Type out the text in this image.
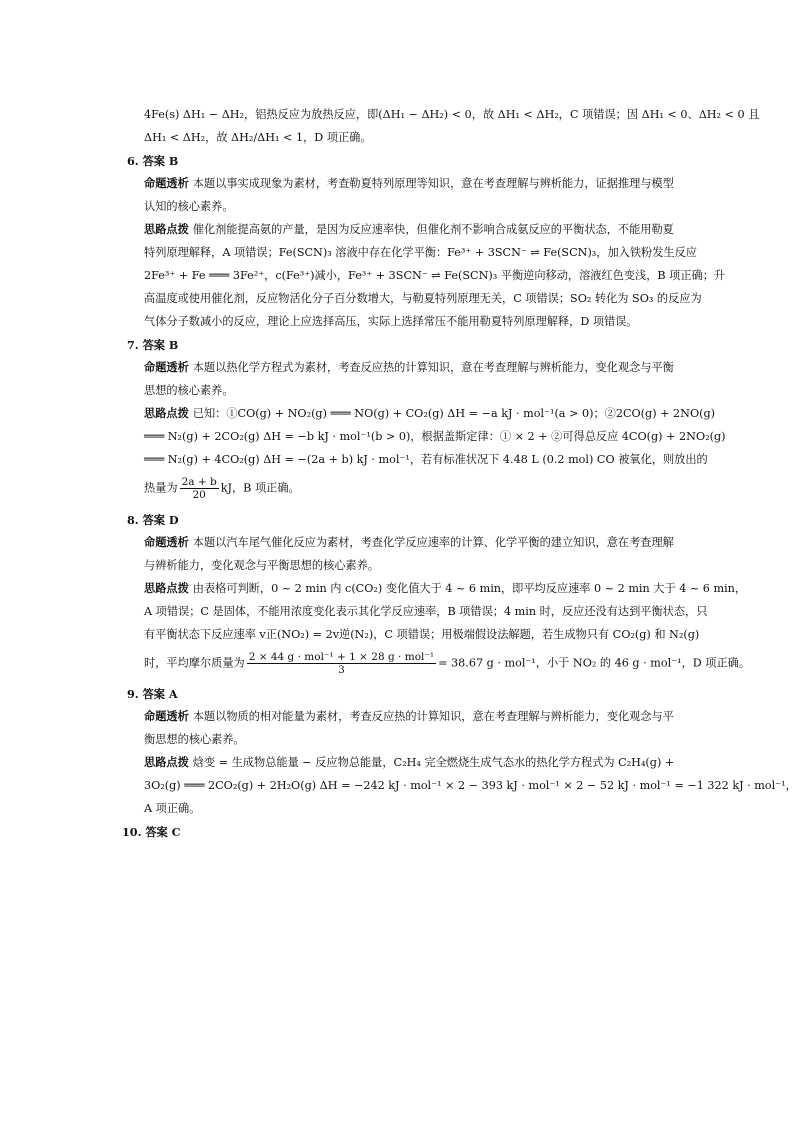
4Fe(s) ΔH₁ − ΔH₂，铝热反应为放热反应，即(ΔH₁ − ΔH₂) < 0，故 ΔH₁ < ΔH₂，C 项错误；因 ΔH₁ < 0、ΔH₂ < 0 且
ΔH₁ < ΔH₂，故 ΔH₂/ΔH₁ < 1，D 项正确。
6. 答案 B
命题透析 本题以事实成现象为素材，考查勒夏特列原理等知识，意在考查理解与辨析能力，证据推理与模型
认知的核心素养。
思路点拨 催化剂能提高氨的产量，是因为反应速率快，但催化剂不影响合成氨反应的平衡状态，不能用勒夏
特列原理解释，A 项错误；Fe(SCN)₃ 溶液中存在化学平衡：Fe³⁺ + 3SCN⁻ ⇌ Fe(SCN)₃，加入铁粉发生反应
2Fe³⁺ + Fe ═══ 3Fe²⁺，c(Fe³⁺)减小，Fe³⁺ + 3SCN⁻ ⇌ Fe(SCN)₃ 平衡逆向移动，溶液红色变浅，B 项正确；升
高温度或使用催化剂，反应物活化分子百分数增大，与勒夏特列原理无关，C 项错误；SO₂ 转化为 SO₃ 的反应为
气体分子数减小的反应，理论上应选择高压，实际上选择常压不能用勒夏特列原理解释，D 项错误。
7. 答案 B
命题透析 本题以热化学方程式为素材，考查反应热的计算知识，意在考查理解与辨析能力，变化观念与平衡
思想的核心素养。
思路点拨 已知：①CO(g) + NO₂(g) ═══ NO(g) + CO₂(g) ΔH = −a kJ · mol⁻¹(a > 0)；②2CO(g) + 2NO(g)
═══ N₂(g) + 2CO₂(g) ΔH = −b kJ · mol⁻¹(b > 0)，根据盖斯定律：① × 2 + ②可得总反应 4CO(g) + 2NO₂(g)
═══ N₂(g) + 4CO₂(g) ΔH = −(2a + b) kJ · mol⁻¹，若有标准状况下 4.48 L (0.2 mol) CO 被氧化，则放出的
热量为 $\frac{2a + b}{20}$ kJ，B 项正确。
8. 答案 D
命题透析 本题以汽车尾气催化反应为素材，考查化学反应速率的计算、化学平衡的建立知识，意在考查理解
与辨析能力，变化观念与平衡思想的核心素养。
思路点拨 由表格可判断，0 ~ 2 min 内 c(CO₂) 变化值大于 4 ~ 6 min，即平均反应速率 0 ~ 2 min 大于 4 ~ 6 min，
A 项错误；C 是固体，不能用浓度变化表示其化学反应速率，B 项错误；4 min 时，反应还没有达到平衡状态，只
有平衡状态下反应速率 v正(NO₂) = 2v逆(N₂)，C 项错误；用极端假设法解题，若生成物只有 CO₂(g) 和 N₂(g)
时，平均摩尔质量为 $\frac{\text{2 × 44 g · mol⁻¹ + 1 × 28 g · mol⁻¹}}{3} = 38.67$ g · mol⁻¹，小于 NO₂ 的 46 g · mol⁻¹，D 项正确。
9. 答案 A
命题透析 本题以物质的相对能量为素材，考查反应热的计算知识，意在考查理解与辨析能力，变化观念与平
衡思想的核心素养。
思路点拨 焓变 = 生成物总能量 − 反应物总能量，C₂H₄ 完全燃烧生成气态水的热化学方程式为 C₂H₄(g) +
3O₂(g) ═══ 2CO₂(g) + 2H₂O(g) ΔH = −242 kJ · mol⁻¹ × 2 − 393 kJ · mol⁻¹ × 2 − 52 kJ · mol⁻¹ = −1 322 kJ · mol⁻¹，
A 项正确。
10. 答案 C
